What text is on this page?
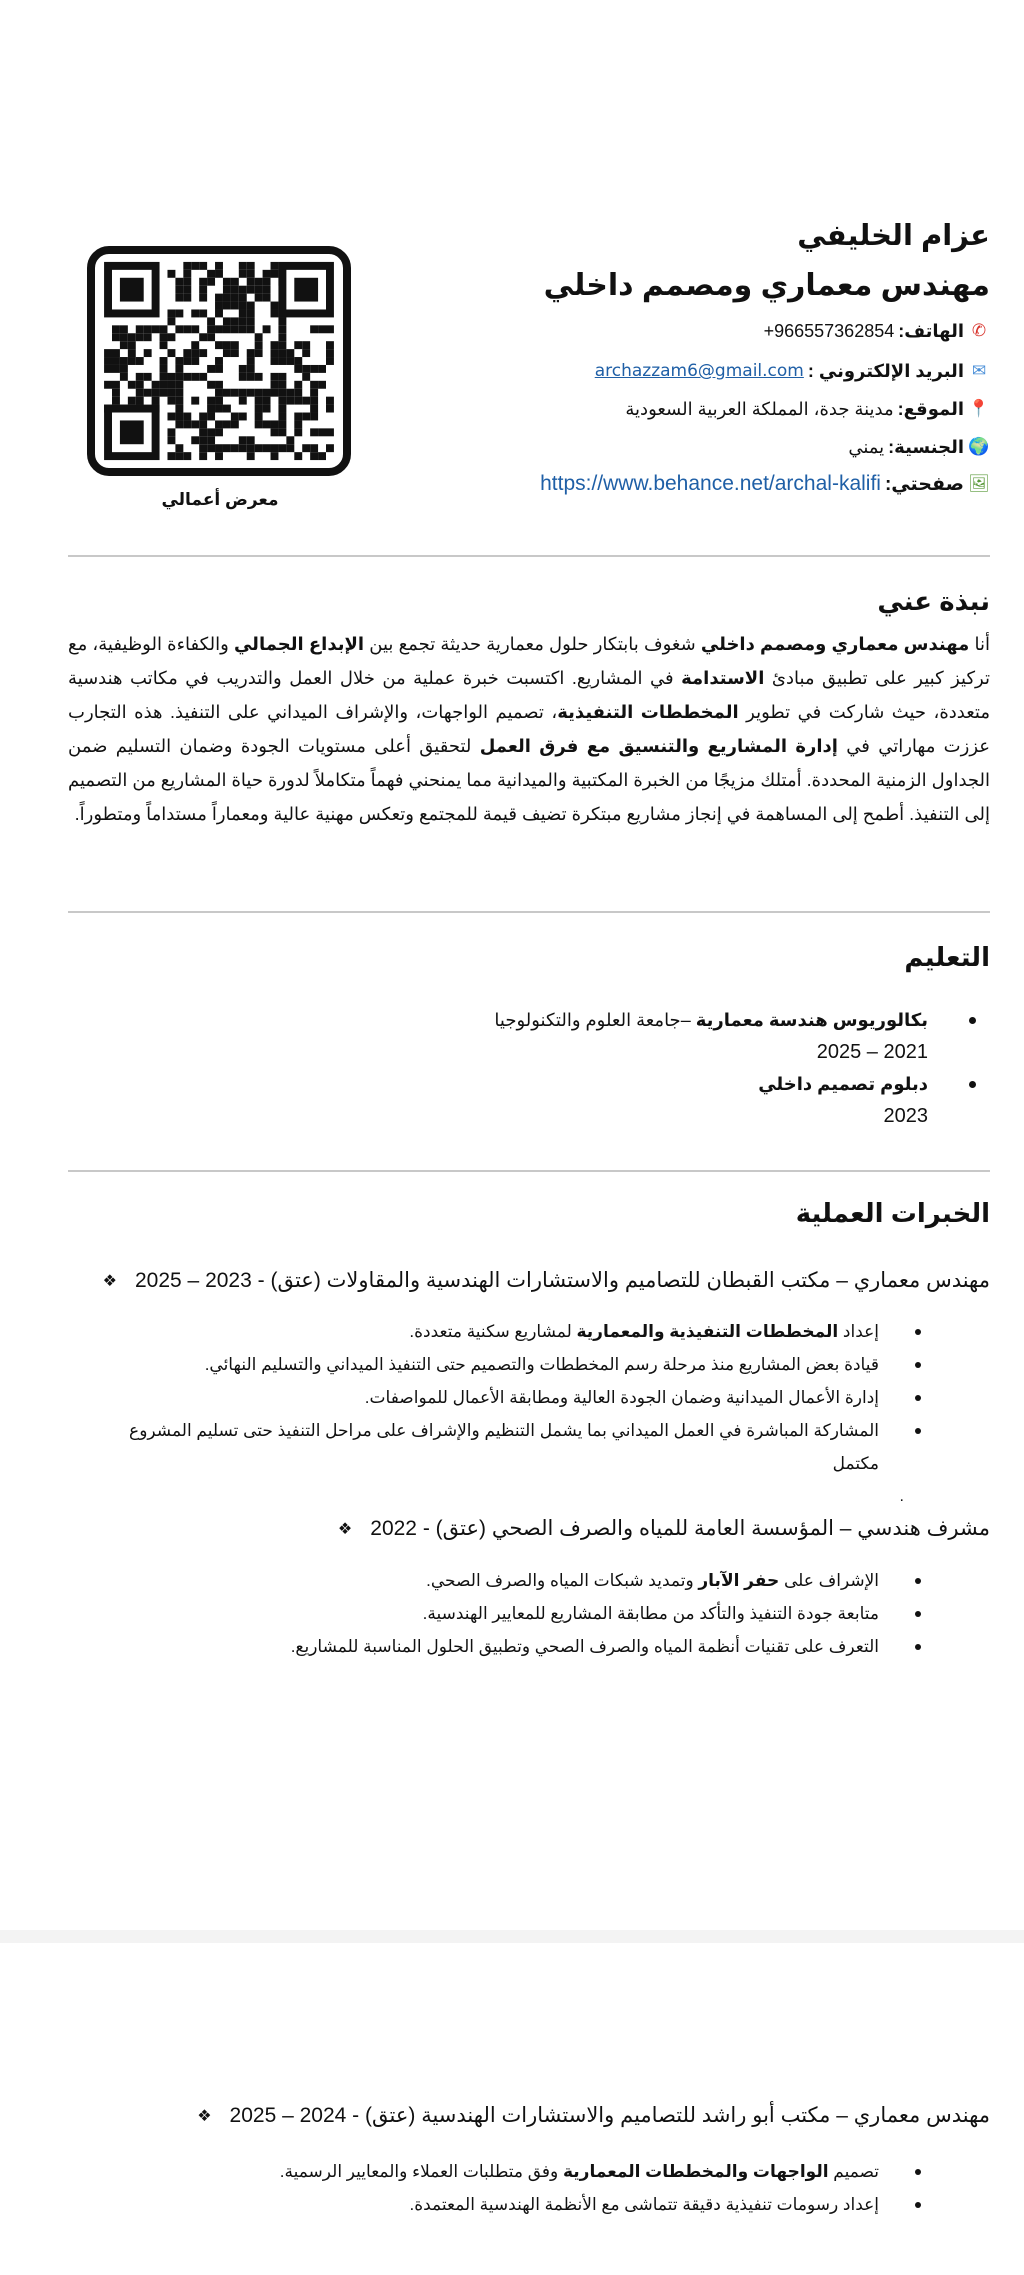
عزام الخليفي
مهندس معماري ومصمم داخلي
✆
الهاتف:
+966557362854
✉
البريد الإلكتروني :
archazzam6@gmail.com
📍
الموقع:
مدينة جدة، المملكة العربية السعودية
🌍
الجنسية:
يمني
🖼
صفحتي:
https://www.behance.net/archal-kalifi
معرض أعمالي
نبذة عني
أنا مهندس معماري ومصمم داخلي شغوف بابتكار حلول معمارية حديثة تجمع بين الإبداع الجمالي والكفاءة الوظيفية، مع تركيز كبير على تطبيق مبادئ الاستدامة في المشاريع. اكتسبت خبرة عملية من خلال العمل والتدريب في مكاتب هندسية متعددة، حيث شاركت في تطوير المخططات التنفيذية، تصميم الواجهات، والإشراف الميداني على التنفيذ. هذه التجارب عززت مهاراتي في إدارة المشاريع والتنسيق مع فرق العمل لتحقيق أعلى مستويات الجودة وضمان التسليم ضمن الجداول الزمنية المحددة. أمتلك مزيجًا من الخبرة المكتبية والميدانية مما يمنحني فهماً متكاملاً لدورة حياة المشاريع من التصميم إلى التنفيذ. أطمح إلى المساهمة في إنجاز مشاريع مبتكرة تضيف قيمة للمجتمع وتعكس مهنية عالية ومعماراً مستداماً ومتطوراً.
التعليم
بكالوريوس هندسة معمارية –جامعة العلوم والتكنولوجيا
2021 – 2025
دبلوم تصميم داخلي
2023
الخبرات العملية
❖ مهندس معماري – مكتب القبطان للتصاميم والاستشارات الهندسية والمقاولات (عتق) - 2023 – 2025
إعداد المخططات التنفيذية والمعمارية لمشاريع سكنية متعددة.
قيادة بعض المشاريع منذ مرحلة رسم المخططات والتصميم حتى التنفيذ الميداني والتسليم النهائي.
إدارة الأعمال الميدانية وضمان الجودة العالية ومطابقة الأعمال للمواصفات.
المشاركة المباشرة في العمل الميداني بما يشمل التنظيم والإشراف على مراحل التنفيذ حتى تسليم المشروع مكتمل
.
❖ مشرف هندسي – المؤسسة العامة للمياه والصرف الصحي (عتق) - 2022
الإشراف على حفر الآبار وتمديد شبكات المياه والصرف الصحي.
متابعة جودة التنفيذ والتأكد من مطابقة المشاريع للمعايير الهندسية.
التعرف على تقنيات أنظمة المياه والصرف الصحي وتطبيق الحلول المناسبة للمشاريع.
❖ مهندس معماري – مكتب أبو راشد للتصاميم والاستشارات الهندسية (عتق) - 2024 – 2025
تصميم الواجهات والمخططات المعمارية وفق متطلبات العملاء والمعايير الرسمية.
إعداد رسومات تنفيذية دقيقة تتماشى مع الأنظمة الهندسية المعتمدة.
